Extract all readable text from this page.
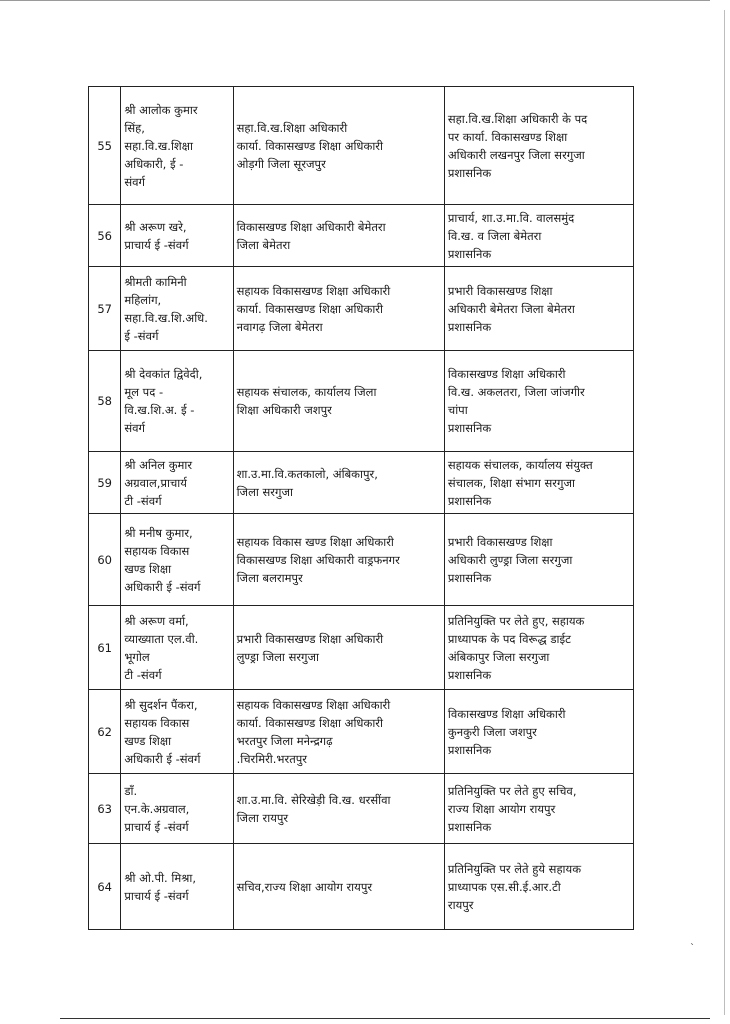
55	श्री आलोक कुमार
सिंह,
सहा.वि.ख.शिक्षा
अधिकारी, ई -
संवर्ग	सहा.वि.ख.शिक्षा अधिकारी
कार्या. विकासखण्ड शिक्षा अधिकारी
ओड़गी जिला सूरजपुर	सहा.वि.ख.शिक्षा अधिकारी के पद
पर कार्या. विकासखण्ड शिक्षा
अधिकारी लखनपुर जिला सरगुजा
प्रशासनिक

56	श्री अरूण खरे,
प्राचार्य ई -संवर्ग	विकासखण्ड शिक्षा अधिकारी बेमेतरा
जिला बेमेतरा	प्राचार्य, शा.उ.मा.वि. वालसमुंद
वि.ख. व जिला बेमेतरा
प्रशासनिक

57	श्रीमती कामिनी
महिलांग,
सहा.वि.ख.शि.अधि.
ई -संवर्ग	सहायक विकासखण्ड शिक्षा अधिकारी
कार्या. विकासखण्ड शिक्षा अधिकारी
नवागढ़ जिला बेमेतरा	प्रभारी विकासखण्ड शिक्षा
अधिकारी बेमेतरा जिला बेमेतरा
प्रशासनिक

58	श्री देवकांत द्विवेदी,
मूल पद -
वि.ख.शि.अ. ई -
संवर्ग	सहायक संचालक, कार्यालय जिला
शिक्षा अधिकारी जशपुर	विकासखण्ड शिक्षा अधिकारी
वि.ख. अकलतरा, जिला जांजगीर
चांपा
प्रशासनिक

59	श्री अनिल कुमार
अग्रवाल,प्राचार्य
टी -संवर्ग	शा.उ.मा.वि.कतकालो, अंबिकापुर,
जिला सरगुजा	सहायक संचालक, कार्यालय संयुक्त
संचालक, शिक्षा संभाग सरगुजा
प्रशासनिक

60	श्री मनीष कुमार,
सहायक विकास
खण्ड शिक्षा
अधिकारी ई -संवर्ग	सहायक विकास खण्ड शिक्षा अधिकारी
विकासखण्ड शिक्षा अधिकारी वाड्रफनगर
जिला बलरामपुर	प्रभारी विकासखण्ड शिक्षा
अधिकारी लुण्ड्रा जिला सरगुजा
प्रशासनिक

61	श्री अरूण वर्मा,
व्याख्याता एल.वी.
भूगोल
टी -संवर्ग	प्रभारी विकासखण्ड शिक्षा अधिकारी
लुण्ड्रा जिला सरगुजा	प्रतिनियुक्ति पर लेते हुए, सहायक
प्राध्यापक के पद विरूद्ध डाईट
अंबिकापुर जिला सरगुजा
प्रशासनिक

62	श्री सुदर्शन पैंकरा,
सहायक विकास
खण्ड शिक्षा
अधिकारी ई -संवर्ग	सहायक विकासखण्ड शिक्षा अधिकारी
कार्या. विकासखण्ड शिक्षा अधिकारी
भरतपुर जिला मनेन्द्रगढ़
.चिरमिरी.भरतपुर	विकासखण्ड शिक्षा अधिकारी
कुनकुरी जिला जशपुर
प्रशासनिक

63	डॉं.
एन.के.अग्रवाल,
प्राचार्य ई -संवर्ग	शा.उ.मा.वि. सेरिखेड़ी वि.ख. धरसींवा
जिला रायपुर	प्रतिनियुक्ति पर लेते हुए सचिव,
राज्य शिक्षा आयोग रायपुर
प्रशासनिक

64	श्री ओ.पी. मिश्रा,
प्राचार्य ई -संवर्ग	सचिव,राज्य शिक्षा आयोग रायपुर	प्रतिनियुक्ति पर लेते हुये सहायक
प्राध्यापक एस.सी.ई.आर.टी
रायपुर
`
